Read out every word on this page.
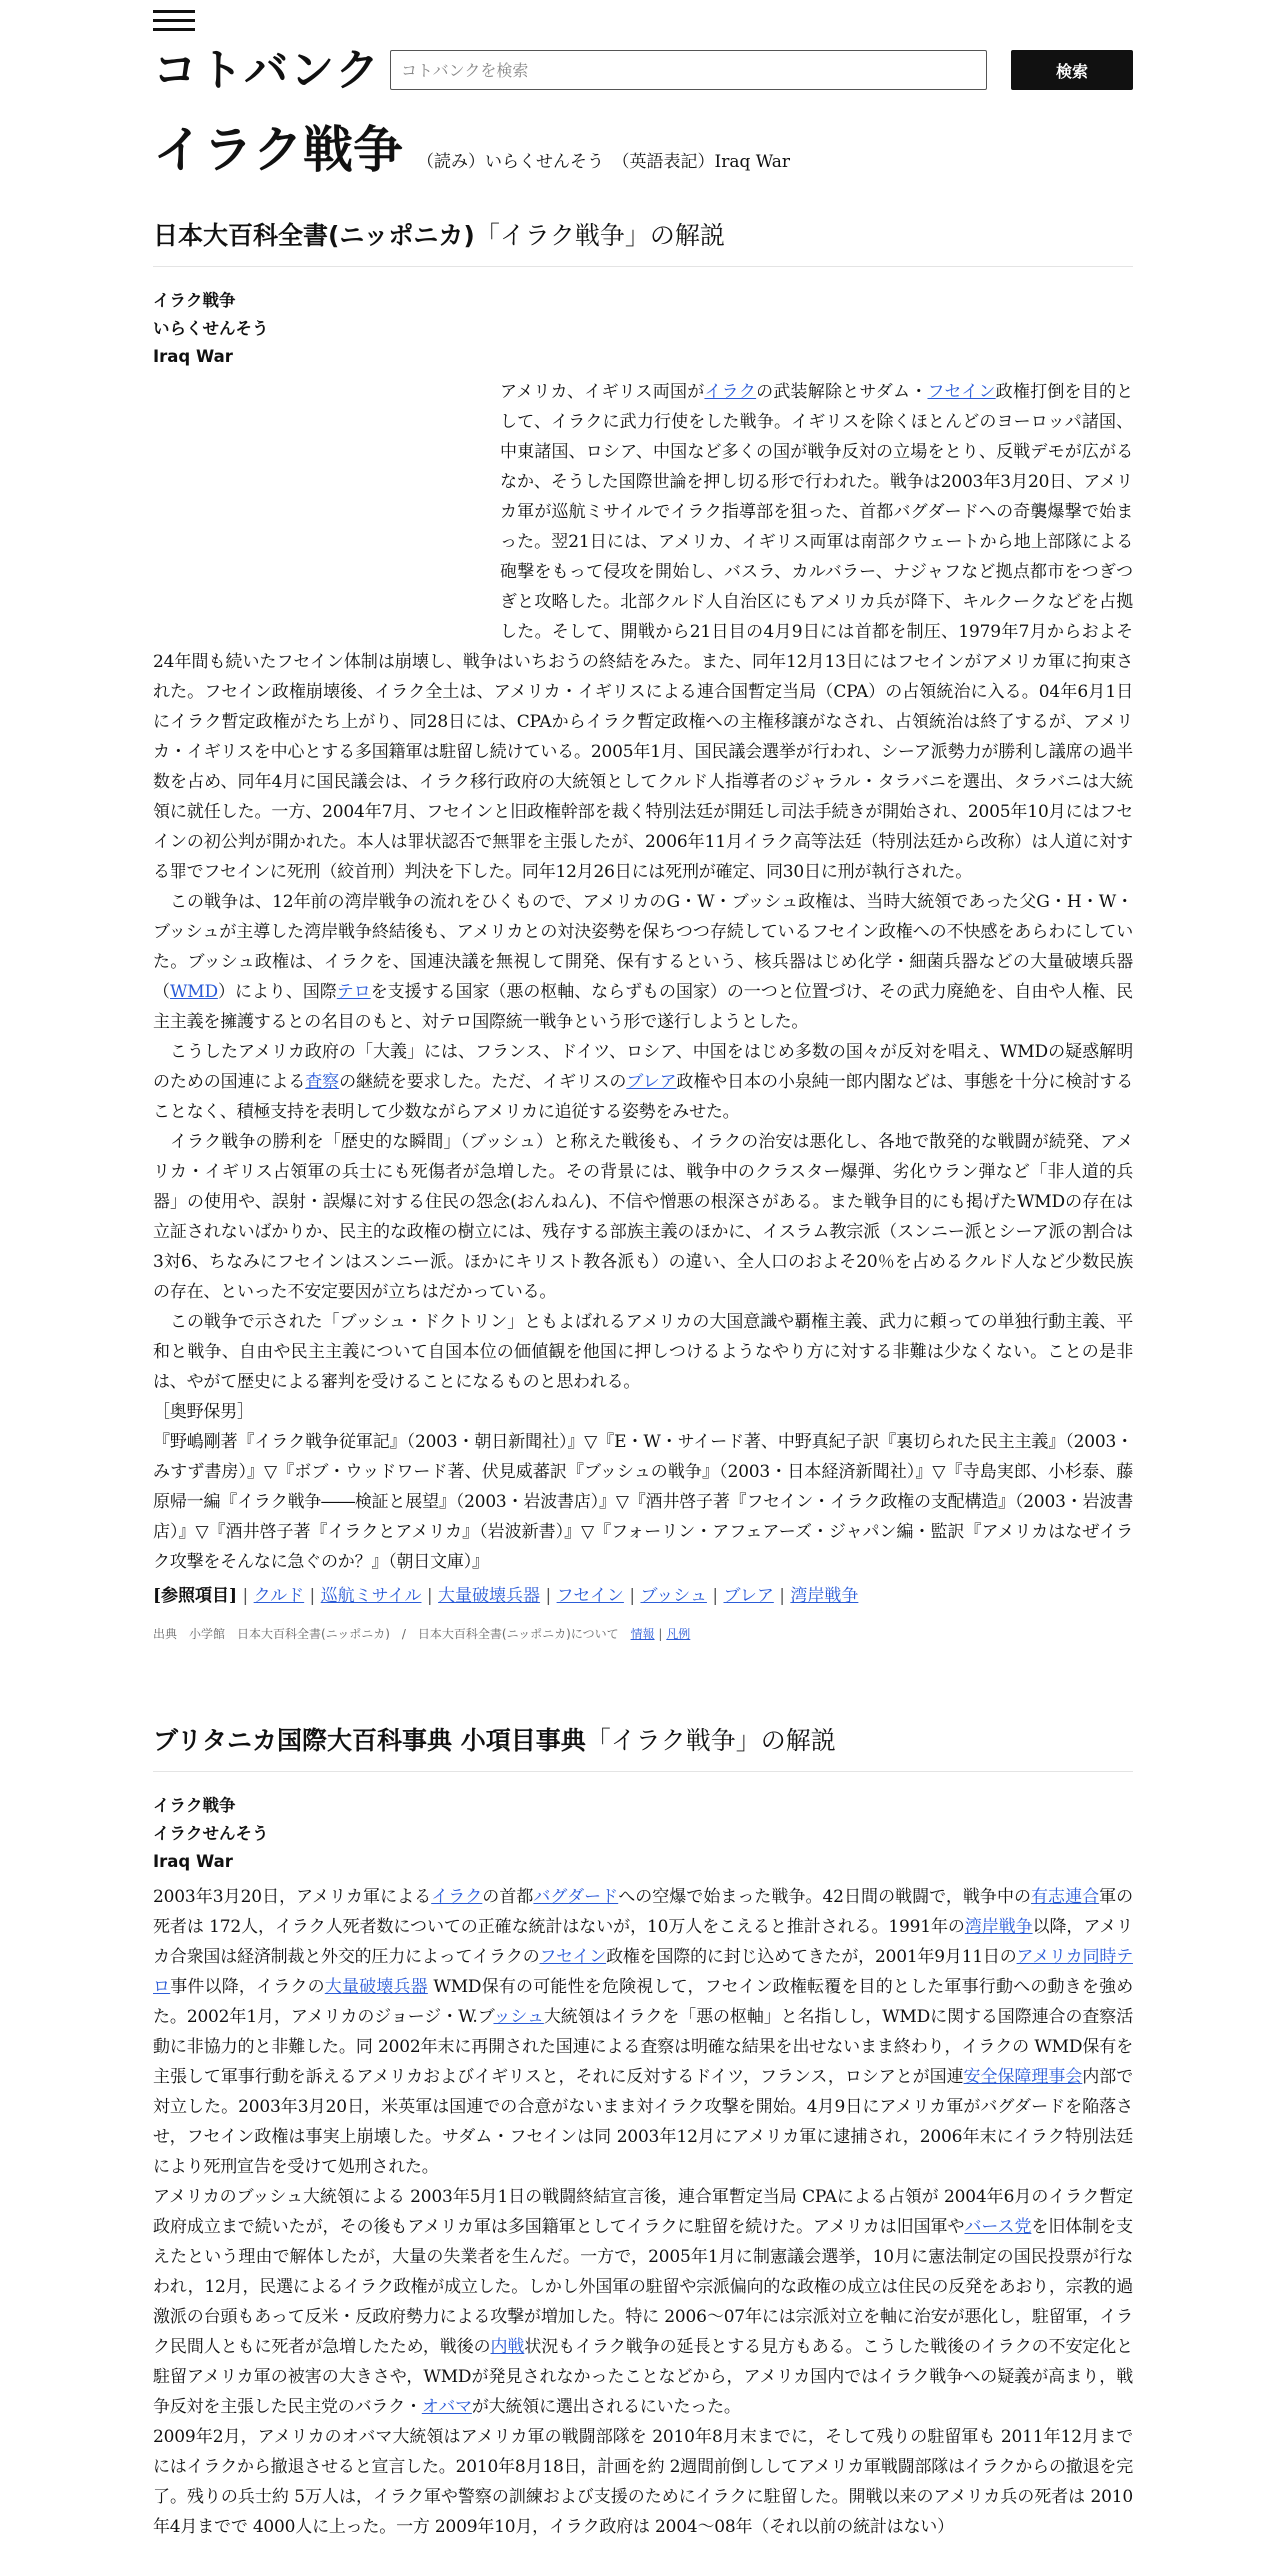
コトバンク
コトバンクを検索	検索
イラク戦争 （読み）いらくせんそう　（英語表記）Iraq War
日本大百科全書(ニッポニカ)「イラク戦争」の解説
イラク戦争
いらくせんそう
Iraq War

アメリカ、イギリス両国がイラクの武装解除とサダム・フセイン政権打倒を目的として、イラクに武力行使をした戦争。イギリスを除くほとんどのヨーロッパ諸国、中東諸国、ロシア、中国など多くの国が戦争反対の立場をとり、反戦デモが広がるなか、そうした国際世論を押し切る形で行われた。戦争は2003年3月20日、アメリカ軍が巡航ミサイルでイラク指導部を狙った、首都バグダードへの奇襲爆撃で始まった。翌21日には、アメリカ、イギリス両軍は南部クウェートから地上部隊による砲撃をもって侵攻を開始し、バスラ、カルバラー、ナジャフなど拠点都市をつぎつぎと攻略した。北部クルド人自治区にもアメリカ兵が降下、キルクークなどを占拠した。そして、開戦から21日目の4月9日には首都を制圧、1979年7月からおよそ24年間も続いたフセイン体制は崩壊し、戦争はいちおうの終結をみた。また、同年12月13日にはフセインがアメリカ軍に拘束された。フセイン政権崩壊後、イラク全土は、アメリカ・イギリスによる連合国暫定当局（CPA）の占領統治に入る。04年6月1日にイラク暫定政権がたち上がり、同28日には、CPAからイラク暫定政権への主権移譲がなされ、占領統治は終了するが、アメリカ・イギリスを中心とする多国籍軍は駐留し続けている。2005年1月、国民議会選挙が行われ、シーア派勢力が勝利し議席の過半数を占め、同年4月に国民議会は、イラク移行政府の大統領としてクルド人指導者のジャラル・タラバニを選出、タラバニは大統領に就任した。一方、2004年7月、フセインと旧政権幹部を裁く特別法廷が開廷し司法手続きが開始され、2005年10月にはフセインの初公判が開かれた。本人は罪状認否で無罪を主張したが、2006年11月イラク高等法廷（特別法廷から改称）は人道に対する罪でフセインに死刑（絞首刑）判決を下した。同年12月26日には死刑が確定、同30日に刑が執行された。

この戦争は、12年前の湾岸戦争の流れをひくもので、アメリカのG・W・ブッシュ政権は、当時大統領であった父G・H・W・ブッシュが主導した湾岸戦争終結後も、アメリカとの対決姿勢を保ちつつ存続しているフセイン政権への不快感をあらわにしていた。ブッシュ政権は、イラクを、国連決議を無視して開発、保有するという、核兵器はじめ化学・細菌兵器などの大量破壊兵器（WMD）により、国際テロを支援する国家（悪の枢軸、ならずもの国家）の一つと位置づけ、その武力廃絶を、自由や人権、民主主義を擁護するとの名目のもと、対テロ国際統一戦争という形で遂行しようとした。

こうしたアメリカ政府の「大義」には、フランス、ドイツ、ロシア、中国をはじめ多数の国々が反対を唱え、WMDの疑惑解明のための国連による査察の継続を要求した。ただ、イギリスのブレア政権や日本の小泉純一郎内閣などは、事態を十分に検討することなく、積極支持を表明して少数ながらアメリカに追従する姿勢をみせた。

イラク戦争の勝利を「歴史的な瞬間」（ブッシュ）と称えた戦後も、イラクの治安は悪化し、各地で散発的な戦闘が続発、アメリカ・イギリス占領軍の兵士にも死傷者が急増した。その背景には、戦争中のクラスター爆弾、劣化ウラン弾など「非人道的兵器」の使用や、誤射・誤爆に対する住民の怨念(おんねん)、不信や憎悪の根深さがある。また戦争目的にも掲げたWMDの存在は立証されないばかりか、民主的な政権の樹立には、残存する部族主義のほかに、イスラム教宗派（スンニー派とシーア派の割合は3対6、ちなみにフセインはスンニー派。ほかにキリスト教各派も）の違い、全人口のおよそ20％を占めるクルド人など少数民族の存在、といった不安定要因が立ちはだかっている。

この戦争で示された「ブッシュ・ドクトリン」ともよばれるアメリカの大国意識や覇権主義、武力に頼っての単独行動主義、平和と戦争、自由や民主主義について自国本位の価値観を他国に押しつけるようなやり方に対する非難は少なくない。ことの是非は、やがて歴史による審判を受けることになるものと思われる。

［奥野保男］

『野嶋剛著『イラク戦争従軍記』（2003・朝日新聞社）』▽『E・W・サイード著、中野真紀子訳『裏切られた民主主義』（2003・みすず書房）』▽『ボブ・ウッドワード著、伏見威蕃訳『ブッシュの戦争』（2003・日本経済新聞社）』▽『寺島実郎、小杉泰、藤原帰一編『イラク戦争――検証と展望』（2003・岩波書店）』▽『酒井啓子著『フセイン・イラク政権の支配構造』（2003・岩波書店）』▽『酒井啓子著『イラクとアメリカ』（岩波新書）』▽『フォーリン・アフェアーズ・ジャパン編・監訳『アメリカはなぜイラク攻撃をそんなに急ぐのか？』（朝日文庫）』

[参照項目] | クルド | 巡航ミサイル | 大量破壊兵器 | フセイン | ブッシュ | ブレア | 湾岸戦争
出典　小学館　日本大百科全書(ニッポニカ)　/　日本大百科全書(ニッポニカ)について　情報 | 凡例
ブリタニカ国際大百科事典 小項目事典「イラク戦争」の解説
イラク戦争
イラクせんそう
Iraq War

2003年3月20日，アメリカ軍によるイラクの首都バグダードへの空爆で始まった戦争。42日間の戦闘で，戦争中の有志連合軍の死者は 172人，イラク人死者数についての正確な統計はないが，10万人をこえると推計される。1991年の湾岸戦争以降，アメリカ合衆国は経済制裁と外交的圧力によってイラクのフセイン政権を国際的に封じ込めてきたが，2001年9月11日のアメリカ同時テロ事件以降，イラクの大量破壊兵器 WMD保有の可能性を危険視して，フセイン政権転覆を目的とした軍事行動への動きを強めた。2002年1月，アメリカのジョージ・W.ブッシュ大統領はイラクを「悪の枢軸」と名指しし，WMDに関する国際連合の査察活動に非協力的と非難した。同 2002年末に再開された国連による査察は明確な結果を出せないまま終わり，イラクの WMD保有を主張して軍事行動を訴えるアメリカおよびイギリスと，それに反対するドイツ，フランス，ロシアとが国連安全保障理事会内部で対立した。2003年3月20日，米英軍は国連での合意がないまま対イラク攻撃を開始。4月9日にアメリカ軍がバグダードを陥落させ，フセイン政権は事実上崩壊した。サダム・フセインは同 2003年12月にアメリカ軍に逮捕され，2006年末にイラク特別法廷により死刑宣告を受けて処刑された。

アメリカのブッシュ大統領による 2003年5月1日の戦闘終結宣言後，連合軍暫定当局 CPAによる占領が 2004年6月のイラク暫定政府成立まで続いたが，その後もアメリカ軍は多国籍軍としてイラクに駐留を続けた。アメリカは旧国軍やバース党を旧体制を支えたという理由で解体したが，大量の失業者を生んだ。一方で，2005年1月に制憲議会選挙，10月に憲法制定の国民投票が行なわれ，12月，民選によるイラク政権が成立した。しかし外国軍の駐留や宗派偏向的な政権の成立は住民の反発をあおり，宗教的過激派の台頭もあって反米・反政府勢力による攻撃が増加した。特に 2006～07年には宗派対立を軸に治安が悪化し，駐留軍，イラク民間人ともに死者が急増したため，戦後の内戦状況もイラク戦争の延長とする見方もある。こうした戦後のイラクの不安定化と駐留アメリカ軍の被害の大きさや，WMDが発見されなかったことなどから，アメリカ国内ではイラク戦争への疑義が高まり，戦争反対を主張した民主党のバラク・オバマが大統領に選出されるにいたった。

2009年2月，アメリカのオバマ大統領はアメリカ軍の戦闘部隊を 2010年8月末までに，そして残りの駐留軍も 2011年12月までにはイラクから撤退させると宣言した。2010年8月18日，計画を約 2週間前倒ししてアメリカ軍戦闘部隊はイラクからの撤退を完了。残りの兵士約 5万人は，イラク軍や警察の訓練および支援のためにイラクに駐留した。開戦以来のアメリカ兵の死者は 2010年4月までで 4000人に上った。一方 2009年10月，イラク政府は 2004～08年（それ以前の統計はない）
